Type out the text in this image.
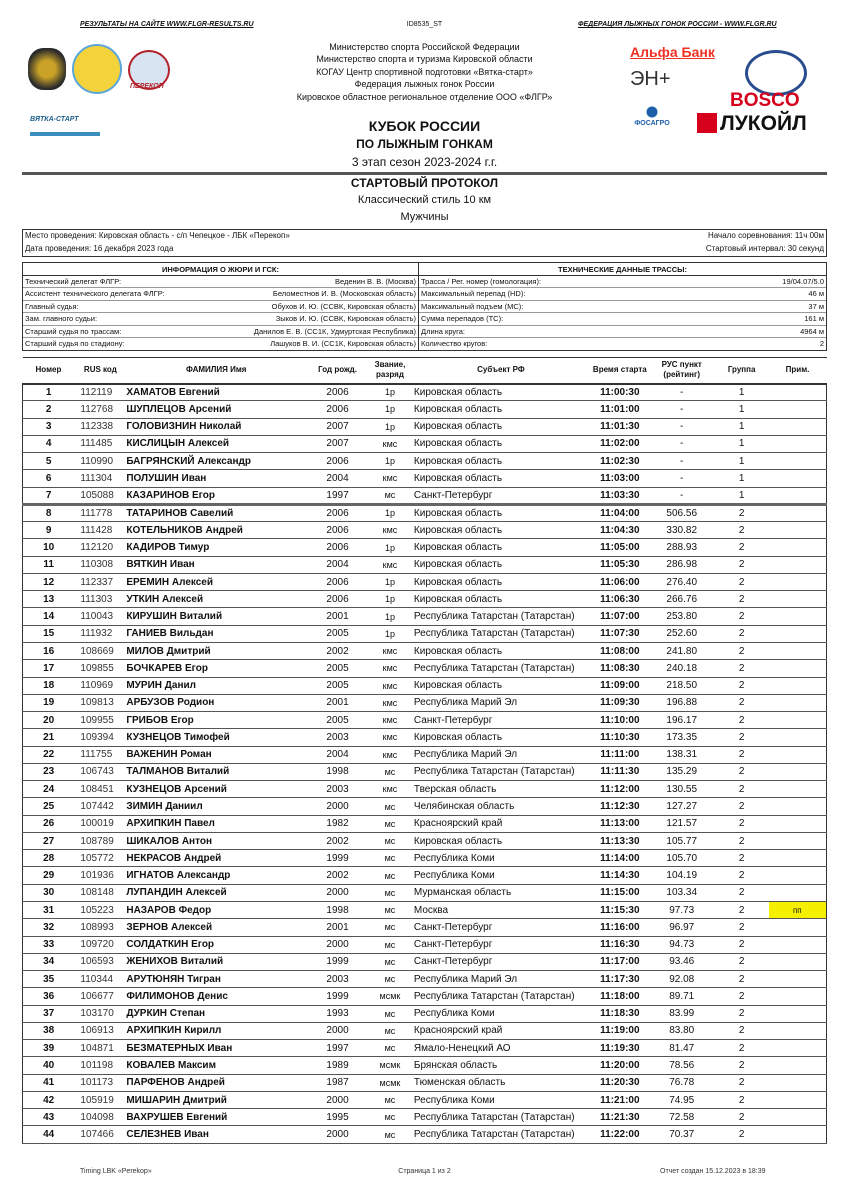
РЕЗУЛЬТАТЫ НА САЙТЕ WWW.FLGR-RESULTS.RU	ID8535_ST	ФЕДЕРАЦИЯ ЛЫЖНЫХ ГОНОК РОССИИ - WWW.FLGR.RU
ПЕРЕКОП
ВЯТКА-СТАРТ
Альфа Банк
ЭН+
ФОСАГРО
BOSCO
ЛУКОЙЛ
Министерство спорта Российской Федерации
Министерство спорта и туризма Кировской области
КОГАУ Центр спортивной подготовки «Вятка-старт»
Федерация лыжных гонок России
Кировское областное региональное отделение ООО «ФЛГР»
КУБОК РОССИИ
ПО ЛЫЖНЫМ ГОНКАМ
3 этап сезон 2023-2024 г.г.
СТАРТОВЫЙ ПРОТОКОЛ
Классический стиль 10 км
Мужчины
Место проведения: Кировская область - с/п Чепецкое - ЛБК «Перекоп»	Начало соревнования: 11ч 00м
Дата проведения: 16 декабря 2023 года	Стартовый интервал: 30 секунд
ИНФОРМАЦИЯ О ЖЮРИ И ГСК:
Технический делегат ФЛГР:	Веденин В. В. (Москва)
Ассистент технического делегата ФЛГР:	Беломестнов И. В. (Московская область)
Главный судья:	Обухов И. Ю. (ССВК, Кировская область)
Зам. главного судьи:	Зыков И. Ю. (ССВК, Кировская область)
Старший судья по трассам:	Данилов Е. В. (СС1К, Удмуртская Республика)
Старший судья по стадиону:	Лашуков В. И. (СС1К, Кировская область)
ТЕХНИЧЕСКИЕ ДАННЫЕ ТРАССЫ:
Трасса / Рег. номер (гомологация):	19/04.07/5.0
Максимальный перепад (HD):	46 м
Максимальный подъем (МС):	37 м
Сумма перепадов (ТС):	161 м
Длина круга:	4964 м
Количество кругов:	2
Номер	RUS код	ФАМИЛИЯ Имя	Год рожд.	Звание, разряд	Субъект РФ	Время старта	РУС пункт (рейтинг)	Группа	Прим.
1	112119	ХАМАТОВ Евгений	2006	1р	Кировская область	11:00:30	-	1	
2	112768	ШУПЛЕЦОВ Арсений	2006	1р	Кировская область	11:01:00	-	1	
3	112338	ГОЛОВИЗНИН Николай	2007	1р	Кировская область	11:01:30	-	1	
4	111485	КИСЛИЦЫН Алексей	2007	кмс	Кировская область	11:02:00	-	1	
5	110990	БАГРЯНСКИЙ Александр	2006	1р	Кировская область	11:02:30	-	1	
6	111304	ПОЛУШИН Иван	2004	кмс	Кировская область	11:03:00	-	1	
7	105088	КАЗАРИНОВ Егор	1997	мс	Санкт-Петербург	11:03:30	-	1	
8	111778	ТАТАРИНОВ Савелий	2006	1р	Кировская область	11:04:00	506.56	2	
9	111428	КОТЕЛЬНИКОВ Андрей	2006	кмс	Кировская область	11:04:30	330.82	2	
10	112120	КАДИРОВ Тимур	2006	1р	Кировская область	11:05:00	288.93	2	
11	110308	ВЯТКИН Иван	2004	кмс	Кировская область	11:05:30	286.98	2	
12	112337	ЕРЕМИН Алексей	2006	1р	Кировская область	11:06:00	276.40	2	
13	111303	УТКИН Алексей	2006	1р	Кировская область	11:06:30	266.76	2	
14	110043	КИРУШИН Виталий	2001	1р	Республика Татарстан (Татарстан)	11:07:00	253.80	2	
15	111932	ГАНИЕВ Вильдан	2005	1р	Республика Татарстан (Татарстан)	11:07:30	252.60	2	
16	108669	МИЛОВ Дмитрий	2002	кмс	Кировская область	11:08:00	241.80	2	
17	109855	БОЧКАРЕВ Егор	2005	кмс	Республика Татарстан (Татарстан)	11:08:30	240.18	2	
18	110969	МУРИН Данил	2005	кмс	Кировская область	11:09:00	218.50	2	
19	109813	АРБУЗОВ Родион	2001	кмс	Республика Марий Эл	11:09:30	196.88	2	
20	109955	ГРИБОВ Егор	2005	кмс	Санкт-Петербург	11:10:00	196.17	2	
21	109394	КУЗНЕЦОВ Тимофей	2003	кмс	Кировская область	11:10:30	173.35	2	
22	111755	ВАЖЕНИН Роман	2004	кмс	Республика Марий Эл	11:11:00	138.31	2	
23	106743	ТАЛМАНОВ Виталий	1998	мс	Республика Татарстан (Татарстан)	11:11:30	135.29	2	
24	108451	КУЗНЕЦОВ Арсений	2003	кмс	Тверская область	11:12:00	130.55	2	
25	107442	ЗИМИН Даниил	2000	мс	Челябинская область	11:12:30	127.27	2	
26	100019	АРХИПКИН Павел	1982	мс	Красноярский край	11:13:00	121.57	2	
27	108789	ШИКАЛОВ Антон	2002	мс	Кировская область	11:13:30	105.77	2	
28	105772	НЕКРАСОВ Андрей	1999	мс	Республика Коми	11:14:00	105.70	2	
29	101936	ИГНАТОВ Александр	2002	мс	Республика Коми	11:14:30	104.19	2	
30	108148	ЛУПАНДИН Алексей	2000	мс	Мурманская область	11:15:00	103.34	2	
31	105223	НАЗАРОВ Федор	1998	мс	Москва	11:15:30	97.73	2	пп
32	108993	ЗЕРНОВ Алексей	2001	мс	Санкт-Петербург	11:16:00	96.97	2	
33	109720	СОЛДАТКИН Егор	2000	мс	Санкт-Петербург	11:16:30	94.73	2	
34	106593	ЖЕНИХОВ Виталий	1999	мс	Санкт-Петербург	11:17:00	93.46	2	
35	110344	АРУТЮНЯН Тигран	2003	мс	Республика Марий Эл	11:17:30	92.08	2	
36	106677	ФИЛИМОНОВ Денис	1999	мсмк	Республика Татарстан (Татарстан)	11:18:00	89.71	2	
37	103170	ДУРКИН Степан	1993	мс	Республика Коми	11:18:30	83.99	2	
38	106913	АРХИПКИН Кирилл	2000	мс	Красноярский край	11:19:00	83.80	2	
39	104871	БЕЗМАТЕРНЫХ Иван	1997	мс	Ямало-Ненецкий АО	11:19:30	81.47	2	
40	101198	КОВАЛЕВ Максим	1989	мсмк	Брянская область	11:20:00	78.56	2	
41	101173	ПАРФЕНОВ Андрей	1987	мсмк	Тюменская область	11:20:30	76.78	2	
42	105919	МИШАРИН Дмитрий	2000	мс	Республика Коми	11:21:00	74.95	2	
43	104098	ВАХРУШЕВ Евгений	1995	мс	Республика Татарстан (Татарстан)	11:21:30	72.58	2	
44	107466	СЕЛЕЗНЕВ Иван	2000	мс	Республика Татарстан (Татарстан)	11:22:00	70.37	2	
Timing LBK «Perekop»	Страница 1 из 2	Отчет создан 15.12.2023 в 18:39
